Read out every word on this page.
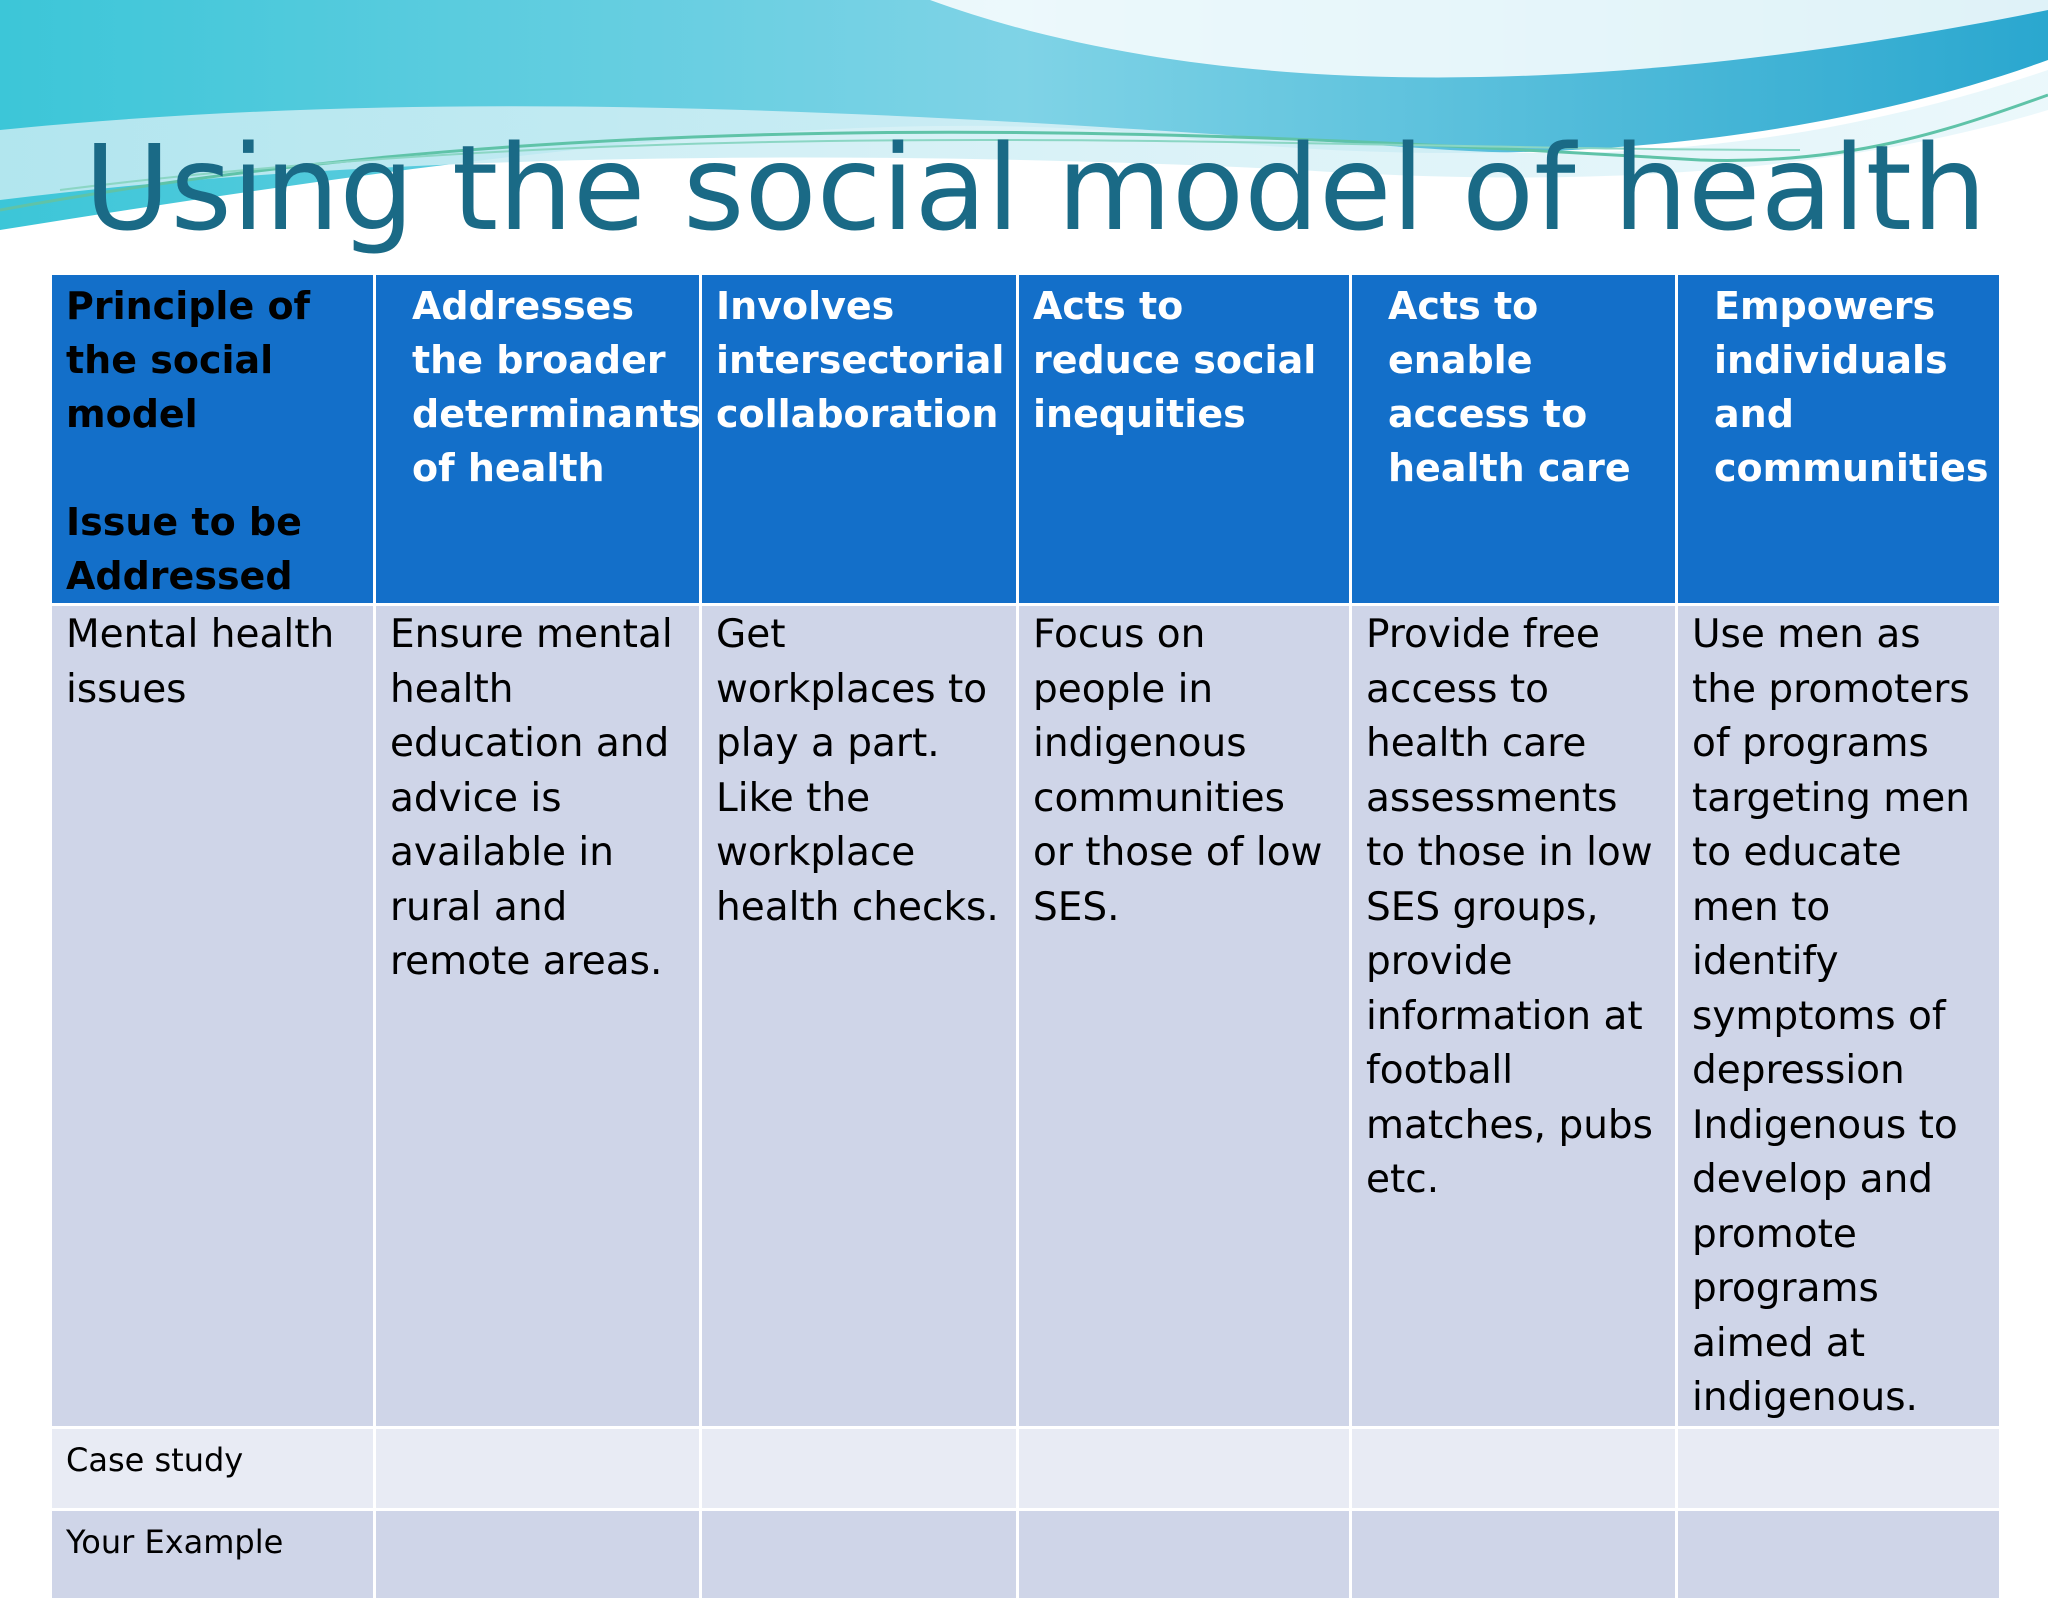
Using the social model of health
Principle of the social model
Issue to be Addressed	Addresses the broader determinants of health	Involves intersectorial collaboration	Acts to reduce social inequities	Acts to enable access to health care	Empowers individuals and communities
Mental health issues	Ensure mental health education and advice is available in rural and remote areas.	Get workplaces to play a part. Like the workplace health checks.	Focus on people in indigenous communities or those of low SES.	Provide free access to health care assessments to those in low SES groups, provide information at football matches, pubs etc.	Use men as the promoters of programs targeting men to educate men to identify symptoms of depression Indigenous to develop and promote programs aimed at indigenous.
Case study					
Your Example					
